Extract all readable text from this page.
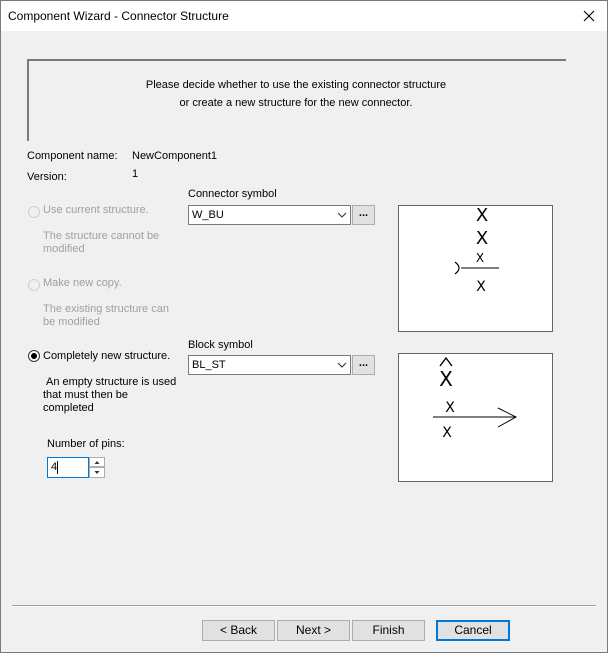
Component Wizard - Connector Structure
Please decide whether to use the existing connector structure
or create a new structure for the new connector.
Component name: NewComponent1
Version:	1
Use current structure.
The structure cannot be
modified
Make new copy.
The existing structure can
be modified
Completely new structure.
An empty structure is used
that must then be
completed
Number of pins:
4
Connector symbol
W_BU	...	X
X
X
X
Block symbol
BL_ST	...
X
X
X
< Back	Next >	Finish	Cancel
